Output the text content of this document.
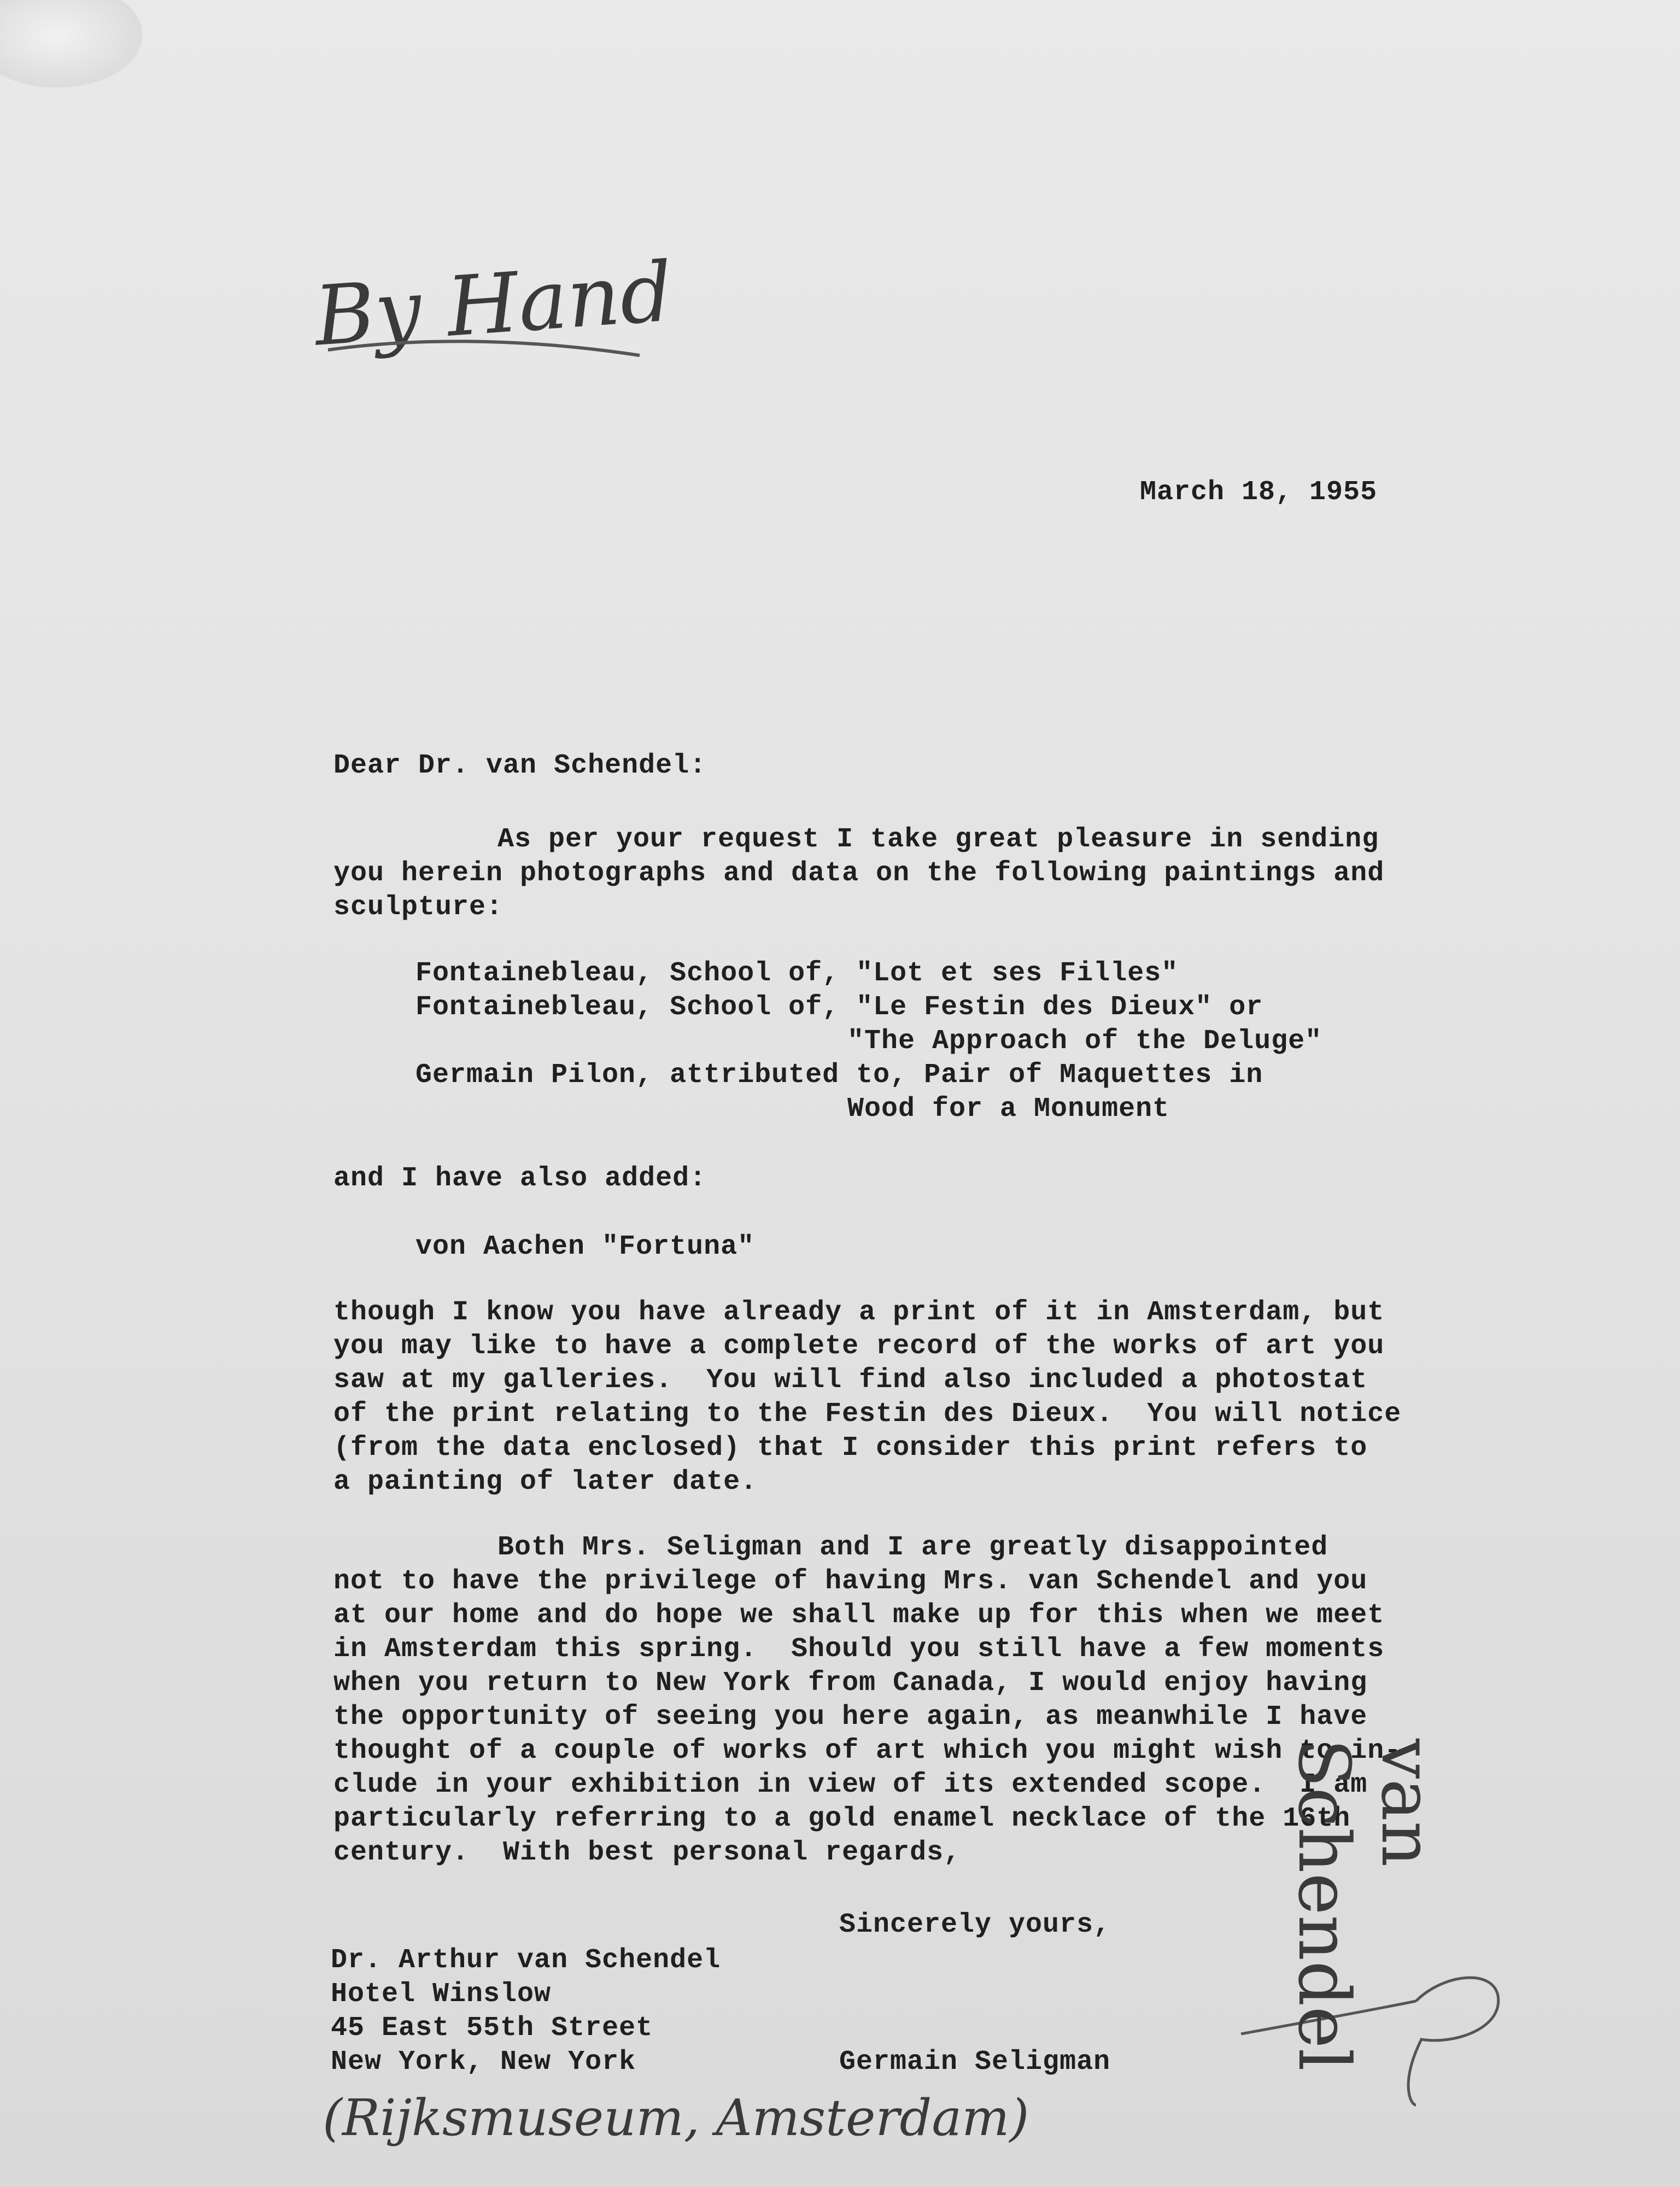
By Hand
March 18, 1955
Dear Dr. van Schendel:
As per your request I take great pleasure in sending
you herein photographs and data on the following paintings and
sculpture:
Fontainebleau, School of, "Lot et ses Filles"
Fontainebleau, School of, "Le Festin des Dieux" or
"The Approach of the Deluge"
Germain Pilon, attributed to, Pair of Maquettes in
Wood for a Monument
and I have also added:
von Aachen "Fortuna"
though I know you have already a print of it in Amsterdam, but
you may like to have a complete record of the works of art you
saw at my galleries.  You will find also included a photostat
of the print relating to the Festin des Dieux.  You will notice
(from the data enclosed) that I consider this print refers to
a painting of later date.
Both Mrs. Seligman and I are greatly disappointed
not to have the privilege of having Mrs. van Schendel and you
at our home and do hope we shall make up for this when we meet
in Amsterdam this spring.  Should you still have a few moments
when you return to New York from Canada, I would enjoy having
the opportunity of seeing you here again, as meanwhile I have
thought of a couple of works of art which you might wish to in-
clude in your exhibition in view of its extended scope.  I am
particularly referring to a gold enamel necklace of the 16th
century.  With best personal regards,
Sincerely yours,
Dr. Arthur van Schendel
Hotel Winslow
45 East 55th Street
New York, New York	Germain Seligman
van Schendel
(Rijksmuseum, Amsterdam)
